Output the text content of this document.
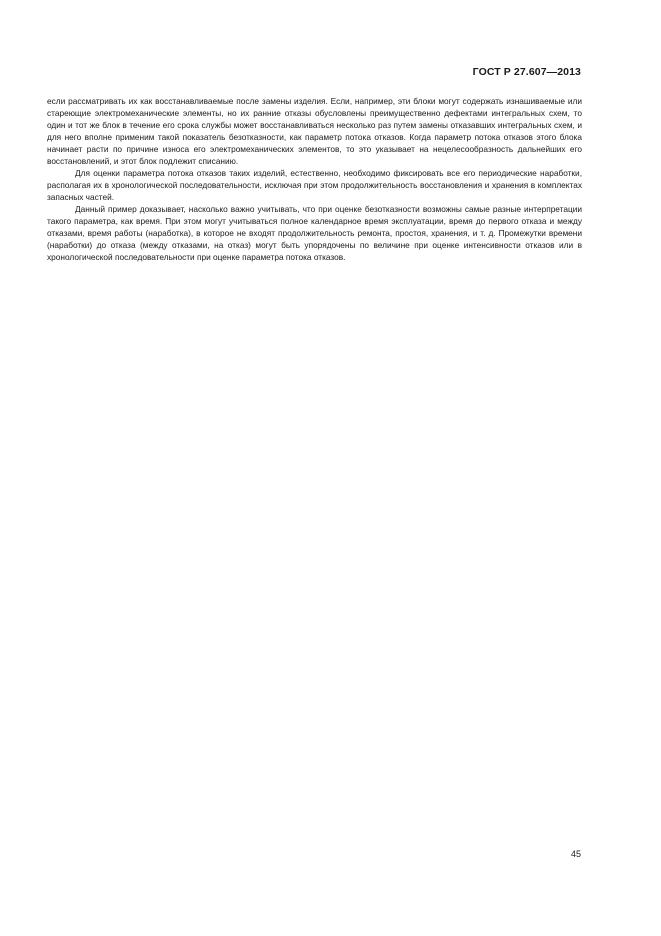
ГОСТ Р 27.607—2013

если рассматривать их как восстанавливаемые после замены изделия. Если, например, эти блоки могут содержать изнашиваемые или стареющие электромеханические элементы, но их ранние отказы обусловлены преимущественно дефектами интегральных схем, то один и тот же блок в течение его срока службы может восстанавливаться несколько раз путем замены отказавших интегральных схем, и для него вполне применим такой показатель безотказности, как параметр потока отказов. Когда параметр потока отказов этого блока начинает расти по причине износа его электромеханических элементов, то это указывает на нецелесообразность дальнейших его восстановлений, и этот блок подлежит списанию.

Для оценки параметра потока отказов таких изделий, естественно, необходимо фиксировать все его периодические наработки, располагая их в хронологической последовательности, исключая при этом продолжительность восстановления и хранения в комплектах запасных частей.

Данный пример доказывает, насколько важно учитывать, что при оценке безотказности возможны самые разные интерпретации такого параметра, как время. При этом могут учитываться полное календарное время эксплуатации, время до первого отказа и между отказами, время работы (наработка), в которое не входят продолжительность ремонта, простоя, хранения, и т. д. Промежутки времени (наработки) до отказа (между отказами, на отказ) могут быть упорядочены по величине при оценке интенсивности отказов или в хронологической последовательности при оценке параметра потока отказов.

45
